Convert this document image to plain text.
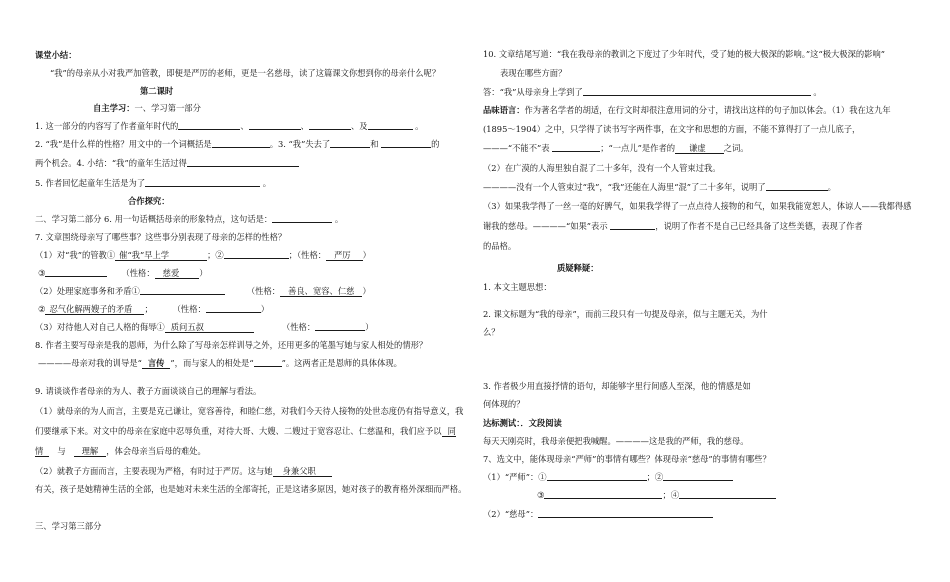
课堂小结：
“我”的母亲从小对我严加管教，即便是严厉的老师，更是一名慈母，读了这篇课文你想到你的母亲什么呢？
第二课时
自主学习：一、学习第一部分
1. 这一部分的内容写了作者童年时代的	、	、	、及	。
2. “我”是什么样的性格？用文中的一个词概括是	。3. “我”失去了	和	的
两个机会。4. 小结：“我”的童年生活过得
5. 作者回忆起童年生活是为了	。
合作探究：
二、学习第二部分 6. 用一句话概括母亲的形象特点，这句话是：	。
7. 文章围绕母亲写了哪些事？这些事分别表现了母亲的怎样的性格？
（1）对“我”的管教① 催“我”早上学	；②	；（性格： 严厉 ）
③	（性格： 慈爱 ）
（2）处理家庭事务和矛盾①	（性格： 善良、宽容、仁慈 ）
② 忍气化解两嫂子的矛盾 ；	（性格：	）
（3）对待他人对自己人格的侮辱① 质问五叔	（性格：	）
8. 作者主要写母亲是我的恩师，为什么除了写母亲怎样训导之外，还用更多的笔墨写她与家人相处的情形？
————母亲对我的训导是“ 言传 ”，而与家人的相处是“	”。这两者正是恩师的具体体现。
9. 请谈谈作者母亲的为人、教子方面谈谈自己的理解与看法。
（1）就母亲的为人而言，主要是克己谦让，宽容善待，和睦仁慈，对我们今天待人接物的处世态度仍有指导意义，我
们要继承下来。对文中的母亲在家庭中忍辱负重，对待大哥、大嫂、二嫂过于宽容忍让、仁慈温和，我们应予以 同
情 与 理解 ，体会母亲当后母的难处。
（2）就教子方面而言，主要表现为严格，有时过于严厉。这与她 身兼父职
有关，孩子是她精神生活的全部，也是她对未来生活的全部寄托，正是这诸多原因，她对孩子的教育格外深细而严格。
三、学习第三部分
10. 文章结尾写道：“我在我母亲的教训之下度过了少年时代，受了她的极大极深的影响。”这“极大极深的影响”
表现在哪些方面？
答：“我”从母亲身上学到了	。
品味语言：作为著名学者的胡适，在行文时却很注意用词的分寸，请找出这样的句子加以体会。（1）我在这九年
(1895～1904）之中，只学得了读书写字两件事，在文字和思想的方面，不能不算得打了一点儿底子，
———“不能不”表	；“一点儿”是作者的 谦虚 之词。
（2）在广漠的人海里独自混了二十多年，没有一个人管束过我。
————没有一个人管束过“我”，“我”还能在人海里“混”了二十多年，说明了	。
（3）如果我学得了一丝一毫的好脾气，如果我学得了一点点待人接物的和气，如果我能宽恕人，体谅人——我都得感
谢我的慈母。————“如果”表示	，说明了作者不是自己已经具备了这些美德，表现了作者
的品格。
质疑释疑：
1. 本文主题思想：
2. 课文标题为“我的母亲”，而前三段只有一句提及母亲，似与主题无关，为什
么？
3. 作者极少用直接抒情的语句，却能够字里行间感人至深，他的情感是如
何体现的？
达标测试：．文段阅读
每天天刚亮时，我母亲便把我喊醒。————这是我的严师，我的慈母。
7、选文中，能体现母亲“严师”的事情有哪些？体现母亲“慈母”的事情有哪些？
（1）“严师”：①	；②
③	；④
（2）“慈母”：
